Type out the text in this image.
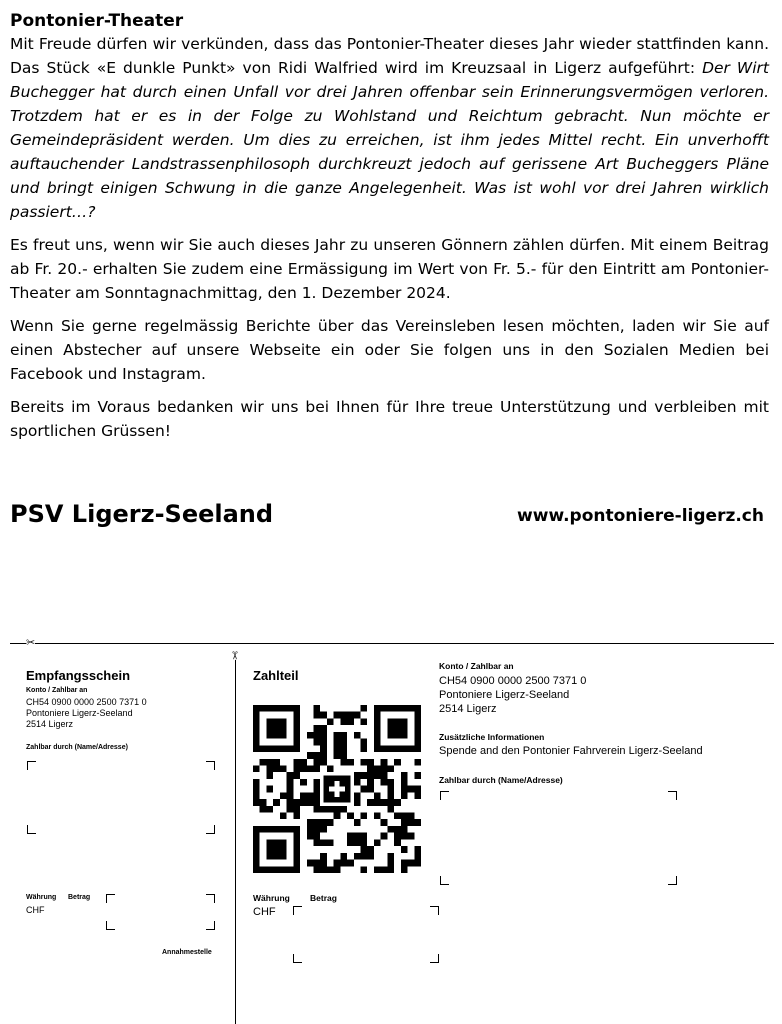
Pontonier-Theater

Mit Freude dürfen wir verkünden, dass das Pontonier-Theater dieses Jahr wieder stattfinden kann. Das Stück «E dunkle Punkt» von Ridi Walfried wird im Kreuzsaal in Ligerz aufgeführt: Der Wirt Buchegger hat durch einen Unfall vor drei Jahren offenbar sein Erinnerungsvermögen verloren. Trotzdem hat er es in der Folge zu Wohlstand und Reichtum gebracht. Nun möchte er Gemeindepräsident werden. Um dies zu erreichen, ist ihm jedes Mittel recht. Ein unverhofft auftauchender Landstrassenphilosoph durchkreuzt jedoch auf gerissene Art Bucheggers Pläne und bringt einigen Schwung in die ganze Angelegenheit. Was ist wohl vor drei Jahren wirklich passiert…?

Es freut uns, wenn wir Sie auch dieses Jahr zu unseren Gönnern zählen dürfen. Mit einem Beitrag ab Fr. 20.- erhalten Sie zudem eine Ermässigung im Wert von Fr. 5.- für den Eintritt am Pontonier-Theater am Sonntagnachmittag, den 1. Dezember 2024.

Wenn Sie gerne regelmässig Berichte über das Vereinsleben lesen möchten, laden wir Sie auf einen Abstecher auf unsere Webseite ein oder Sie folgen uns in den Sozialen Medien bei Facebook und Instagram.

Bereits im Voraus bedanken wir uns bei Ihnen für Ihre treue Unterstützung und verbleiben mit sportlichen Grüssen!

PSV Ligerz-Seeland	www.pontoniere-ligerz.ch
✂
✂

Empfangsschein

Konto / Zahlbar an

CH54 0900 0000 2500 7371 0

Pontoniere Ligerz-Seeland

2514 Ligerz

Zahlbar durch (Name/Adresse)

Währung Betrag

CHF

Annahmestelle

Zahlteil

Währung Betrag

CHF

Konto / Zahlbar an

CH54 0900 0000 2500 7371 0

Pontoniere Ligerz-Seeland

2514 Ligerz

Zusätzliche Informationen

Spende and den Pontonier Fahrverein Ligerz-Seeland

Zahlbar durch (Name/Adresse)
